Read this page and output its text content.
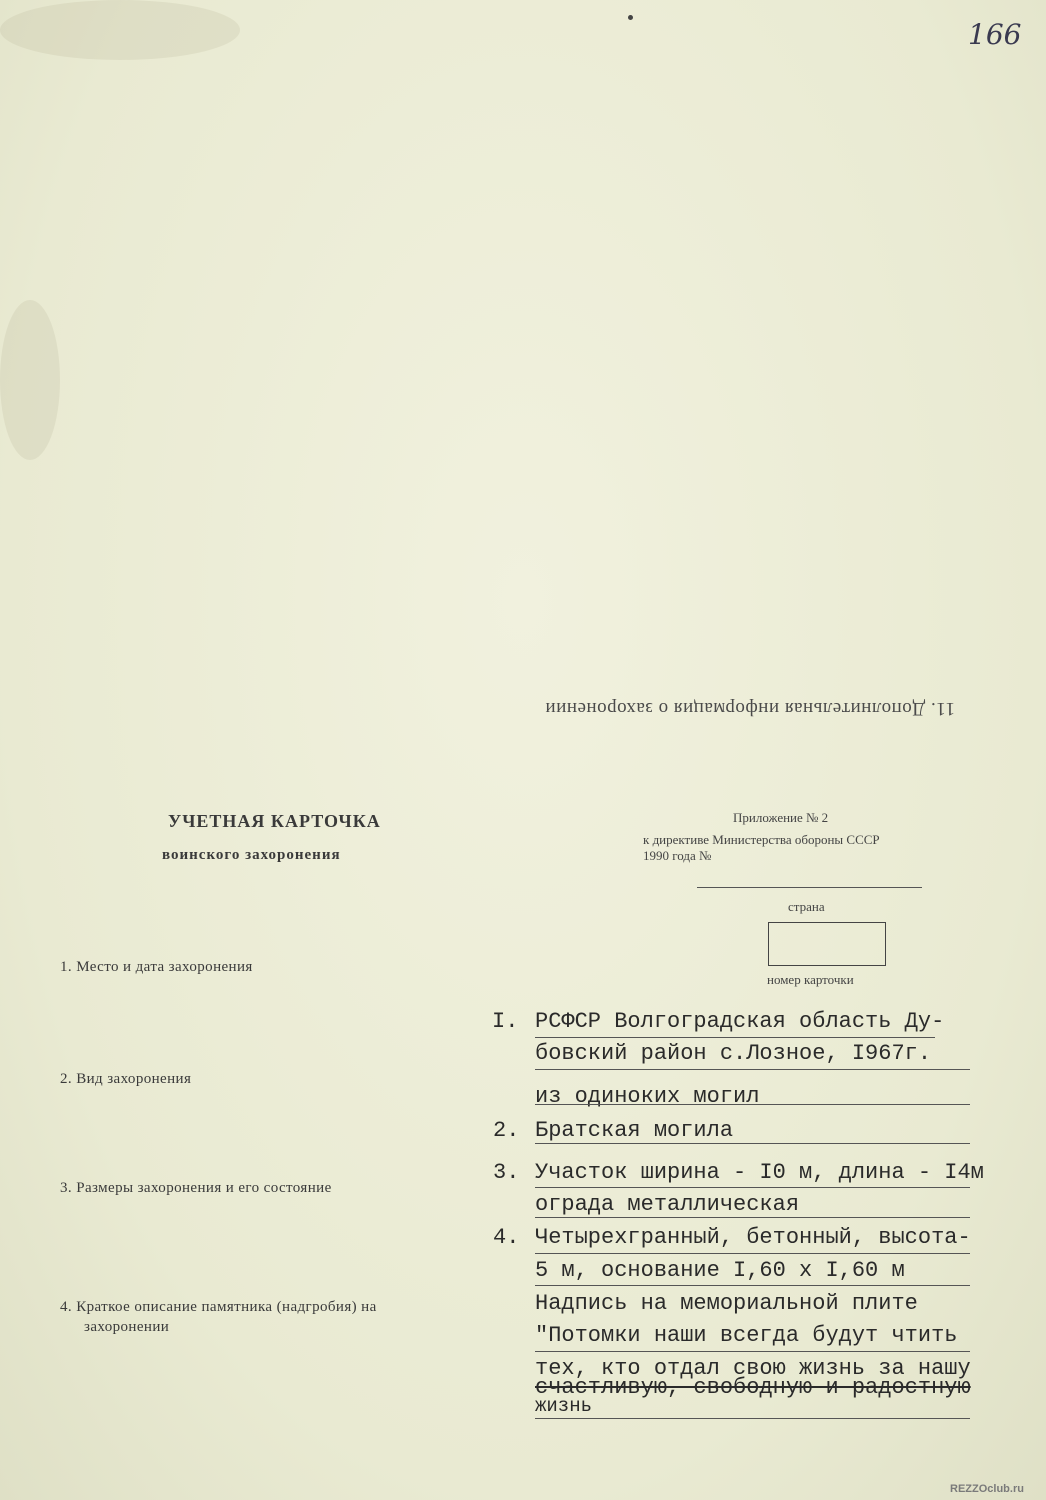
166
11. Дополнительная информация о захоронении
УЧЕТНАЯ КАРТОЧКА
воинского захоронения
Приложение № 2
к директиве Министерства обороны СССР
1990 года №
страна
номер карточки
1. Место и дата захоронения
2. Вид захоронения
3. Размеры захоронения и его состояние
4. Краткое описание памятника (надгробия) на
захоронении
I. РСФСР Волгоградская область Ду-
бовский район с.Лозное, I967г.
из одиноких могил
2. Братская могила
3. Участок ширина - I0 м, длина - I4м
ограда металлическая
4. Четырехгранный, бетонный, высота-
5 м, основание I,60 x I,60 м
Надпись на мемориальной плите
"Потомки наши всегда будут чтить
тех, кто отдал свою жизнь за нашу
счастливую, свободную и радостную
жизнь
REZZOclub.ru
